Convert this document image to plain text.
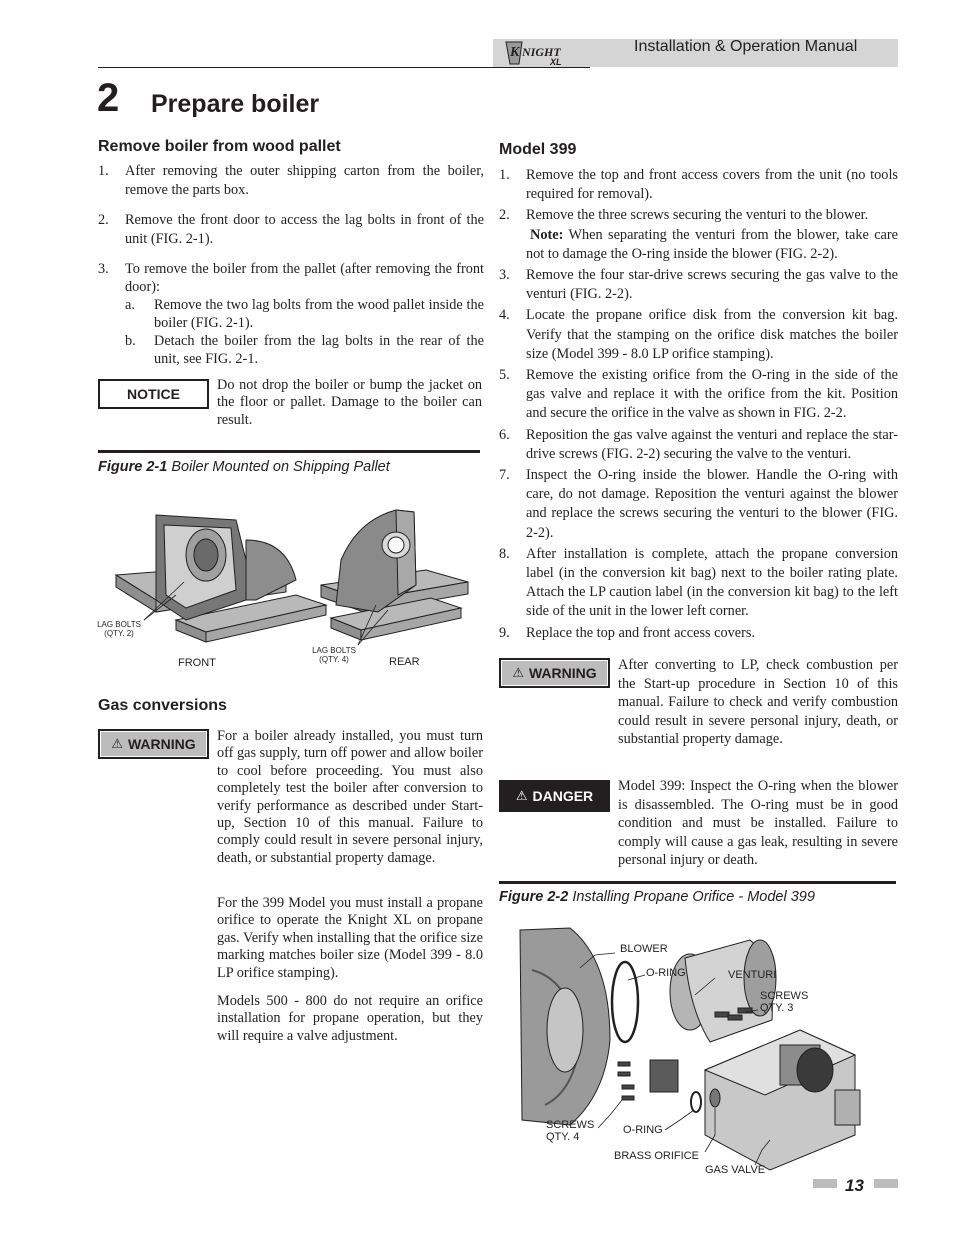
K NIGHT
XL
Installation & Operation Manual
2 Prepare boiler
Remove boiler from wood pallet
1. After removing the outer shipping carton from the boiler, remove the parts box.
2. Remove the front door to access the lag bolts in front of the unit (FIG. 2-1).
3. To remove the boiler from the pallet (after removing the front door):
a. Remove the two lag bolts from the wood pallet inside the boiler (FIG. 2-1).
b. Detach the boiler from the lag bolts in the rear of the unit, see FIG. 2-1.
NOTICE

Do not drop the boiler or bump the jacket on the floor or pallet. Damage to the boiler can result.

Figure 2-1 Boiler Mounted on Shipping Pallet
LAG BOLTS
(QTY. 2)
LAG BOLTS
(QTY. 4)
FRONT	REAR
Gas conversions
⚠ WARNING For a boiler already installed, you must turn off gas supply, turn off power and allow boiler to cool before proceeding. You must also completely test the boiler after conversion to verify performance as described under Start-up, Section 10 of this manual. Failure to comply could result in severe personal injury, death, or substantial property damage.

For the 399 Model you must install a propane orifice to operate the Knight XL on propane gas. Verify when installing that the orifice size marking matches boiler size (Model 399 - 8.0 LP orifice stamping).

Models 500 - 800 do not require an orifice installation for propane operation, but they will require a valve adjustment.

Model 399
1. Remove the top and front access covers from the unit (no tools required for removal).
2. Remove the three screws securing the venturi to the blower.
Note: When separating the venturi from the blower, take care not to damage the O-ring inside the blower (FIG. 2-2).
3. Remove the four star-drive screws securing the gas valve to the venturi (FIG. 2-2).
4. Locate the propane orifice disk from the conversion kit bag. Verify that the stamping on the orifice disk matches the boiler size (Model 399 - 8.0 LP orifice stamping).
5. Remove the existing orifice from the O-ring in the side of the gas valve and replace it with the orifice from the kit. Position and secure the orifice in the valve as shown in FIG. 2-2.
6. Reposition the gas valve against the venturi and replace the star-drive screws (FIG. 2-2) securing the valve to the venturi.
7. Inspect the O-ring inside the blower. Handle the O-ring with care, do not damage. Reposition the venturi against the blower and replace the screws securing the venturi to the blower (FIG. 2-2).
8. After installation is complete, attach the propane conversion label (in the conversion kit bag) next to the boiler rating plate. Attach the LP caution label (in the conversion kit bag) to the left side of the unit in the lower left corner.
9. Replace the top and front access covers.
⚠ WARNING After converting to LP, check combustion per the Start-up procedure in Section 10 of this manual. Failure to check and verify combustion could result in severe personal injury, death, or substantial property damage.

⚠ DANGER

Model 399: Inspect the O-ring when the blower is disassembled. The O-ring must be in good condition and must be installed. Failure to comply will cause a gas leak, resulting in severe personal injury or death.

Figure 2-2 Installing Propane Orifice - Model 399
BLOWER
O-RING	VENTURI
SCREWS
QTY. 3
SCREWS
QTY. 4
O-RING
BRASS ORIFICE
GAS VALVE
13
